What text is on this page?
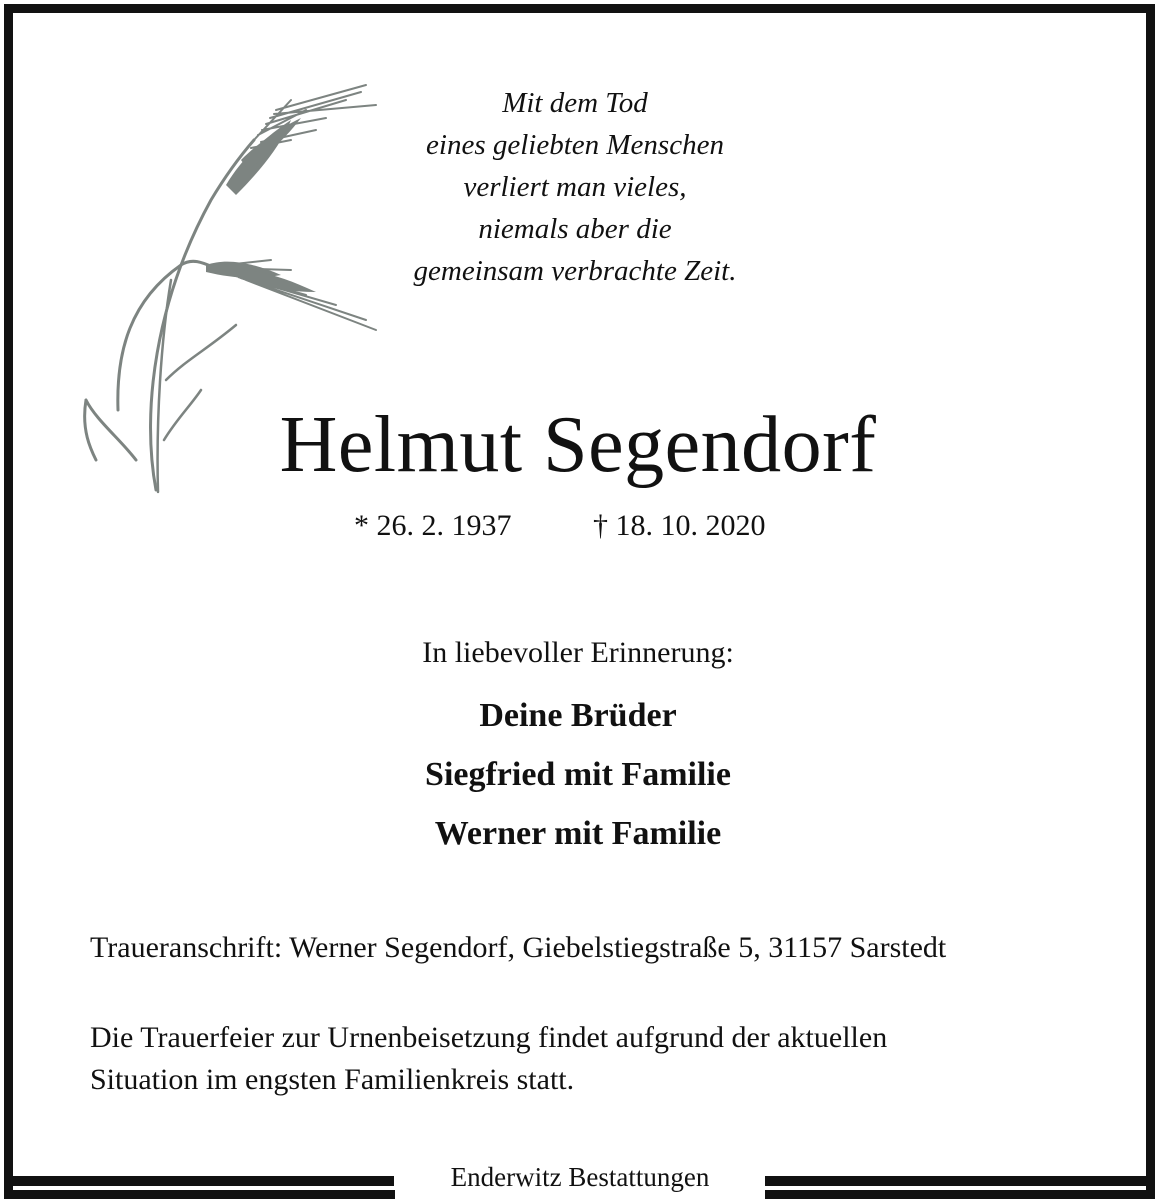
Mit dem Tod
eines geliebten Menschen
verliert man vieles,
niemals aber die
gemeinsam verbrachte Zeit.
Helmut Segendorf
* 26. 2. 1937	† 18. 10. 2020
In liebevoller Erinnerung:
Deine Brüder
Siegfried mit Familie
Werner mit Familie
Traueranschrift: Werner Segendorf, Giebelstiegstraße 5, 31157 Sarstedt
Die Trauerfeier zur Urnenbeisetzung findet aufgrund der aktuellen
Situation im engsten Familienkreis statt.
Enderwitz Bestattungen
